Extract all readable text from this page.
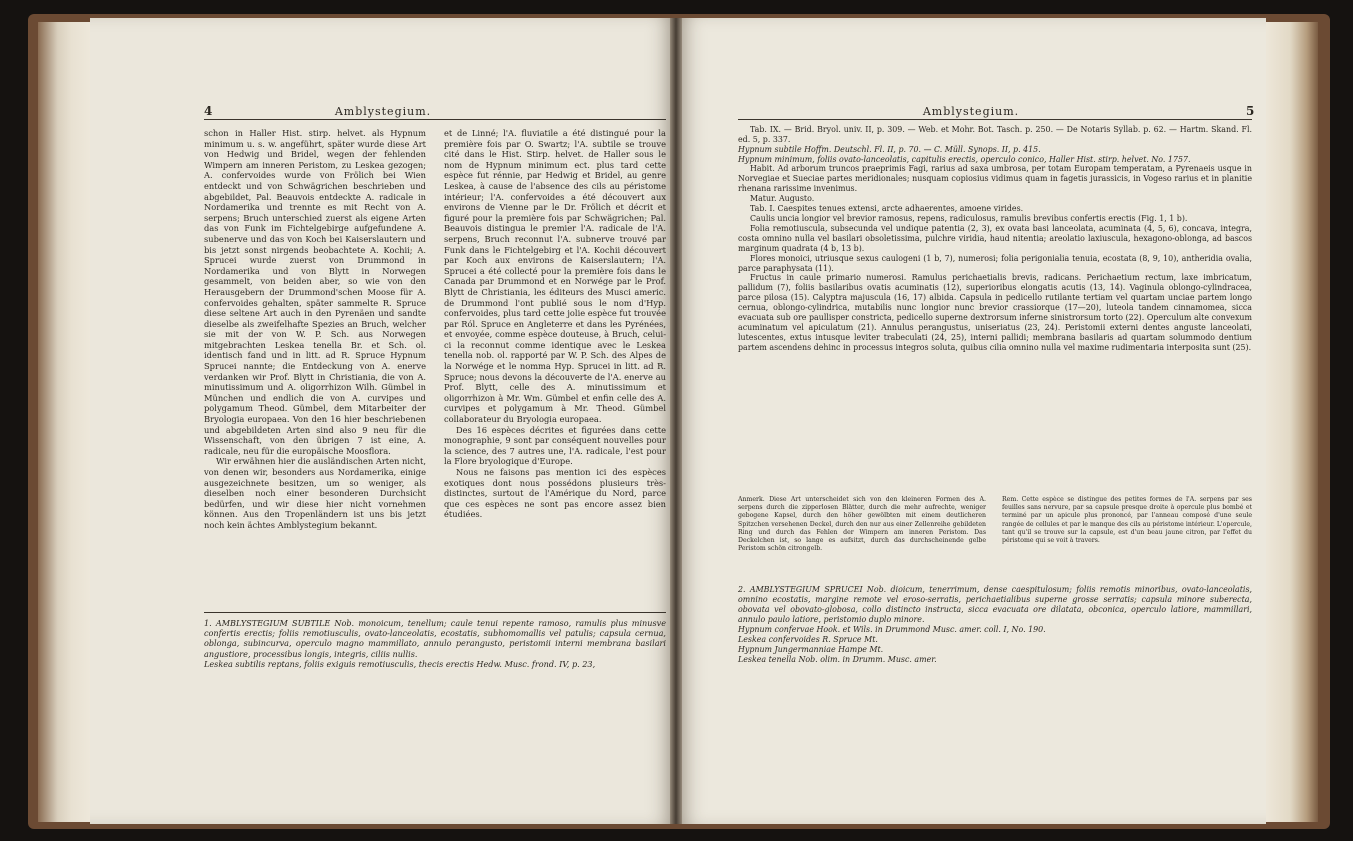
4	Amblystegium.

schon in Haller Hist. stirp. helvet. als Hypnum minimum u. s. w. angeführt, später wurde diese Art von Hedwig und Bridel, wegen der fehlenden Wimpern am inneren Peristom, zu Leskea gezogen; A. confervoides wurde von Frölich bei Wien entdeckt und von Schwägrichen beschrieben und abgebildet, Pal. Beauvois entdeckte A. radicale in Nordamerika und trennte es mit Recht von A. serpens; Bruch unterschied zuerst als eigene Arten das von Funk im Fichtelgebirge aufgefundene A. subenerve und das von Koch bei Kaiserslautern und bis jetzt sonst nirgends beobachtete A. Kochii; A. Sprucei wurde zuerst von Drummond in Nordamerika und von Blytt in Norwegen gesammelt, von beiden aber, so wie von den Herausgebern der Drummond'schen Moose für A. confervoides gehalten, später sammelte R. Spruce diese seltene Art auch in den Pyrenäen und sandte dieselbe als zweifelhafte Spezies an Bruch, welcher sie mit der von W. P. Sch. aus Norwegen mitgebrachten Leskea tenella Br. et Sch. ol. identisch fand und in litt. ad R. Spruce Hypnum Sprucei nannte; die Entdeckung von A. enerve verdanken wir Prof. Blytt in Christiania, die von A. minutissimum und A. oligorrhizon Wilh. Gümbel in München und endlich die von A. curvipes und polygamum Theod. Gümbel, dem Mitarbeiter der Bryologia europaea. Von den 16 hier beschriebenen und abgebildeten Arten sind also 9 neu für die Wissenschaft, von den übrigen 7 ist eine, A. radicale, neu für die europäische Moosflora.

Wir erwähnen hier die ausländischen Arten nicht, von denen wir, besonders aus Nordamerika, einige ausgezeichnete besitzen, um so weniger, als dieselben noch einer besonderen Durchsicht bedürfen, und wir diese hier nicht vornehmen können. Aus den Tropenländern ist uns bis jetzt noch kein ächtes Amblystegium bekannt.

et de Linné; l'A. fluviatile a été distingué pour la première fois par O. Swartz; l'A. subtile se trouve cité dans le Hist. Stirp. helvet. de Haller sous le nom de Hypnum minimum ect. plus tard cette espèce fut rénnie, par Hedwig et Bridel, au genre Leskea, à cause de l'absence des cils au péristome intérieur; l'A. confervoides a été découvert aux environs de Vienne par le Dr. Frölich et décrit et figuré pour la première fois par Schwägrichen; Pal. Beauvois distingua le premier l'A. radicale de l'A. serpens, Bruch reconnut l'A. subnerve trouvé par Funk dans le Fichtelgebirg et l'A. Kochii découvert par Koch aux environs de Kaiserslautern; l'A. Sprucei a été collecté pour la première fois dans le Canada par Drummond et en Norwége par le Prof. Blytt de Christiania, les éditeurs des Musci americ. de Drummond l'ont publié sous le nom d'Hyp. confervoides, plus tard cette jolie espèce fut trouvée par Ról. Spruce en Angleterre et dans les Pyrénées, et envoyée, comme espèce douteuse, à Bruch, celui-ci la reconnut comme identique avec le Leskea tenella nob. ol. rapporté par W. P. Sch. des Alpes de la Norwége et le nomma Hyp. Sprucei in litt. ad R. Spruce; nous devons la découverte de l'A. enerve au Prof. Blytt, celle des A. minutissimum et oligorrhizon à Mr. Wm. Gümbel et enfin celle des A. curvipes et polygamum à Mr. Theod. Gümbel collaborateur du Bryologia europaea.

Des 16 espèces décrites et figurées dans cette monographie, 9 sont par conséquent nouvelles pour la science, des 7 autres une, l'A. radicale, l'est pour la Flore bryologique d'Europe.

Nous ne faisons pas mention ici des espèces exotiques dont nous possédons plusieurs très-distinctes, surtout de l'Amérique du Nord, parce que ces espèces ne sont pas encore assez bien étudiées.

1. AMBLYSTEGIUM SUBTILE Nob. monoicum, tenellum; caule tenui repente ramoso, ramulis plus minusve confertis erectis; foliis remotiusculis, ovato-lanceolatis, ecostatis, subhomomallis vel patulis; capsula cernua, oblonga, subincurva, operculo magno mammillato, annulo perangusto, peristomii interni membrana basilari angustiore, processibus longis, integris, ciliis nullis.

Leskea subtilis reptans, foliis exiguis remotiusculis, thecis erectis Hedw. Musc. frond. IV, p. 23,

Amblystegium.	5

Tab. IX. — Brid. Bryol. univ. II, p. 309. — Web. et Mohr. Bot. Tasch. p. 250. — De Notaris Syllab. p. 62. — Hartm. Skand. Fl. ed. 5, p. 337.

Hypnum subtile Hoffm. Deutschl. Fl. II, p. 70. — C. Müll. Synops. II, p. 415.

Hypnum minimum, foliis ovato-lanceolatis, capitulis erectis, operculo conico, Haller Hist. stirp. helvet. No. 1757.

Habit. Ad arborum truncos praeprimis Fagi, rarius ad saxa umbrosa, per totam Europam temperatam, a Pyrenaeis usque in Norvegiae et Sueciae partes meridionales; nusquam copiosius vidimus quam in fagetis jurassicis, in Vogeso rarius et in planitie rhenana rarissime invenimus.

Matur. Augusto.

Tab. I. Caespites tenues extensi, arcte adhaerentes, amoene virides.

Caulis uncia longior vel brevior ramosus, repens, radiculosus, ramulis brevibus confertis erectis (Fig. 1, 1 b).

Folia remotiuscula, subsecunda vel undique patentia (2, 3), ex ovata basi lanceolata, acuminata (4, 5, 6), concava, integra, costa omnino nulla vel basilari obsoletissima, pulchre viridia, haud nitentia; areolatio laxiuscula, hexagono-oblonga, ad bascos marginum quadrata (4 b, 13 b).

Flores monoici, utriusque sexus caulogeni (1 b, 7), numerosi; folia perigonialia tenuia, ecostata (8, 9, 10), antheridia ovalia, parce paraphysata (11).

Fructus in caule primario numerosi. Ramulus perichaetialis brevis, radicans. Perichaetium rectum, laxe imbricatum, pallidum (7), foliis basilaribus ovatis acuminatis (12), superioribus elongatis acutis (13, 14). Vaginula oblongo-cylindracea, parce pilosa (15). Calyptra majuscula (16, 17) albida. Capsula in pedicello rutilante tertiam vel quartam unciae partem longo cernua, oblongo-cylindrica, mutabilis nunc longior nunc brevior crassiorque (17—20), luteola tandem cinnamomea, sicca evacuata sub ore paullisper constricta, pedicello superne dextrorsum inferne sinistrorsum torto (22). Operculum alte convexum acuminatum vel apiculatum (21). Annulus perangustus, uniseriatus (23, 24). Peristomii externi dentes anguste lanceolati, lutescentes, extus intusque leviter trabeculati (24, 25), interni pallidi; membrana basilaris ad quartam solummodo dentium partem ascendens dehinc in processus integros soluta, quibus cilia omnino nulla vel maxime rudimentaria interposita sunt (25).

Anmerk. Diese Art unterscheidet sich von den kleineren Formen des A. serpens durch die zipperlosen Blätter, durch die mehr aufrechte, weniger gebogene Kapsel, durch den höher gewölbten mit einem deutlicheren Spitzchen versehenen Deckel, durch den nur aus einer Zellenreihe gebildeten Ring und durch das Fehlen der Wimpern am inneren Peristom. Das Deckelchen ist, so lange es aufsitzt, durch das durchscheinende gelbe Peristom schön citrongelb.

Rem. Cette espèce se distingue des petites formes de l'A. serpens par ses feuilles sans nervure, par sa capsule presque droite à opercule plus bombé et terminé par un apicule plus prononcé, par l'anneau composé d'une seule rangée de cellules et par le manque des cils au péristome intérieur. L'opercule, tant qu'il se trouve sur la capsule, est d'un beau jaune citron, par l'effet du péristome qui se voit à travers.

2. AMBLYSTEGIUM SPRUCEI Nob. dioicum, tenerrimum, dense caespitulosum; foliis remotis minoribus, ovato-lanceolatis, omnino ecostatis, margine remote vel eroso-serratis, perichaetialibus superne grosse serratis; capsula minore suberecta, obovata vel obovato-globosa, collo distincto instructa, sicca evacuata ore dilatata, obconica, operculo latiore, mammillari, annulo paulo latiore, peristomio duplo minore.

Hypnum confervae Hook. et Wils. in Drummond Musc. amer. coll. I, No. 190.

Leskea confervoides R. Spruce Mt.

Hypnum Jungermanniae Hampe Mt.

Leskea tenella Nob. olim. in Drumm. Musc. amer.
